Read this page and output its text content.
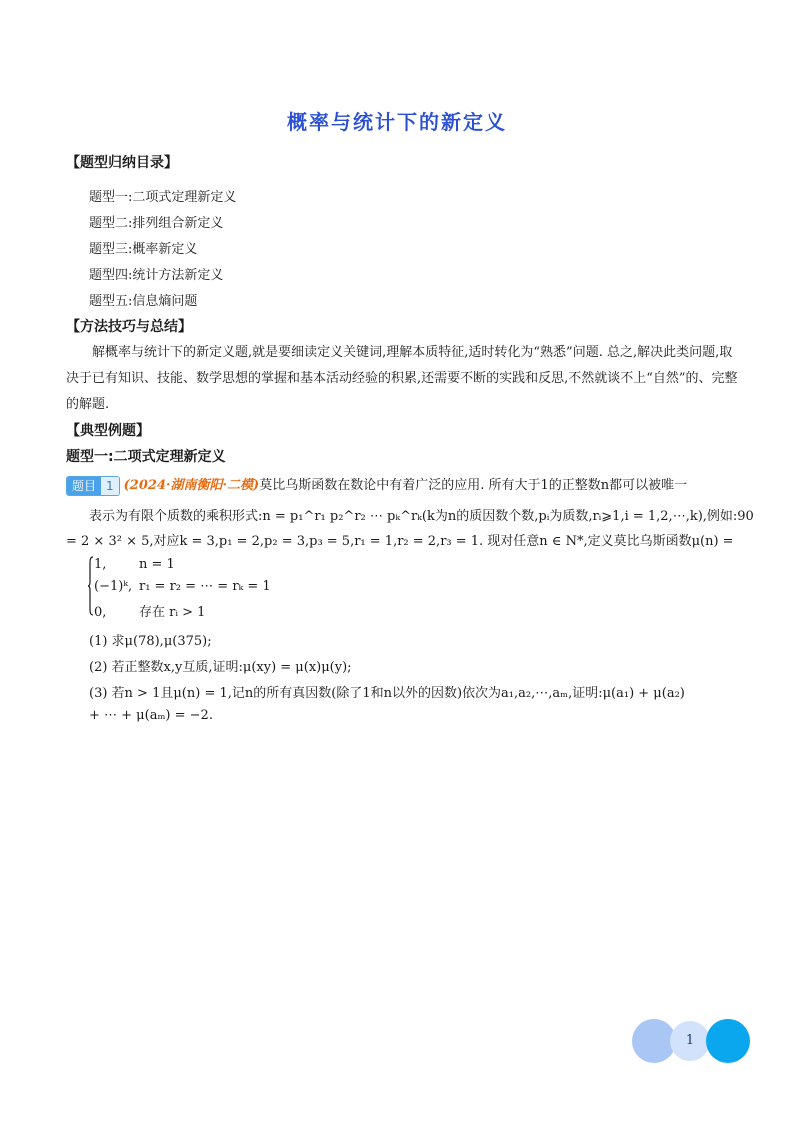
概率与统计下的新定义
【题型归纳目录】
题型一:二项式定理新定义
题型二:排列组合新定义
题型三:概率新定义
题型四:统计方法新定义
题型五:信息熵问题
【方法技巧与总结】
解概率与统计下的新定义题,就是要细读定义关键词,理解本质特征,适时转化为“熟悉”问题. 总之,解决此类问题,取决于已有知识、技能、数学思想的掌握和基本活动经验的积累,还需要不断的实践和反思,不然就谈不上“自然”的、完整的解题.
【典型例题】
题型一:二项式定理新定义
题目 1 (2024·湖南衡阳·二模)莫比乌斯函数在数论中有着广泛的应用. 所有大于1的正整数n都可以被唯一
表示为有限个质数的乘积形式:n = p₁^r₁ p₂^r₂ ⋯ pₖ^rₖ(k为n的质因数个数,pᵢ为质数,rᵢ⩾1,i = 1,2,⋯,k),例如:90
= 2 × 3² × 5,对应k = 3,p₁ = 2,p₂ = 3,p₃ = 5,r₁ = 1,r₂ = 2,r₃ = 1. 现对任意n ∈ N*,定义莫比乌斯函数μ(n) =
1,	n = 1
(−1)ᵏ, r₁ = r₂ = ⋯ = rₖ = 1
0,	存在 rᵢ > 1
(1) 求μ(78),μ(375);
(2) 若正整数x,y互质,证明:μ(xy) = μ(x)μ(y);
(3) 若n > 1且μ(n) = 1,记n的所有真因数(除了1和n以外的因数)依次为a₁,a₂,⋯,aₘ,证明:μ(a₁) + μ(a₂)
+ ⋯ + μ(aₘ) = −2.
1
